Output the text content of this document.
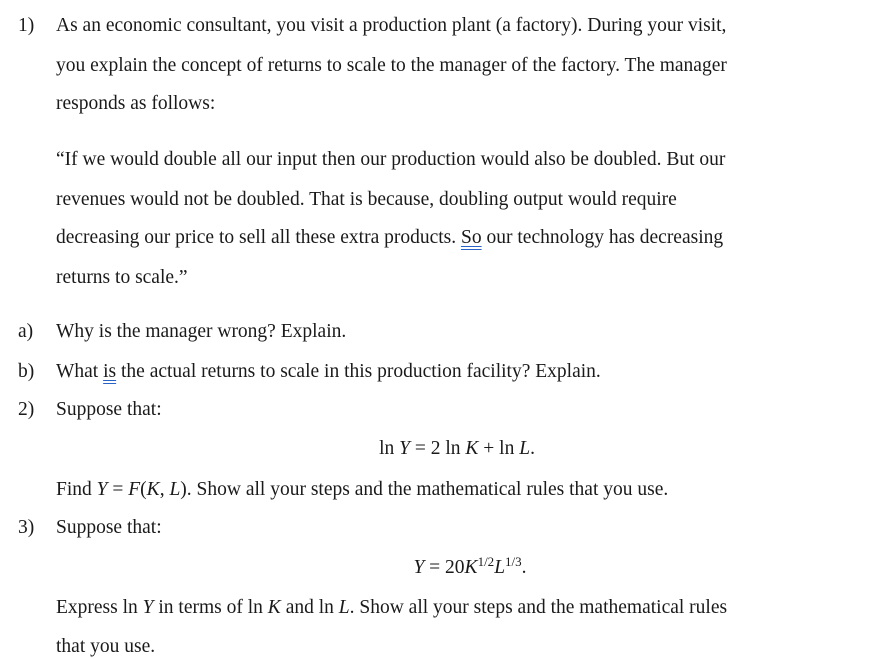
1) As an economic consultant, you visit a production plant (a factory). During your visit,
you explain the concept of returns to scale to the manager of the factory. The manager
responds as follows:
“If we would double all our input then our production would also be doubled. But our
revenues would not be doubled. That is because, doubling output would require
decreasing our price to sell all these extra products. So our technology has decreasing
returns to scale.”
a) Why is the manager wrong? Explain.
b) What is the actual returns to scale in this production facility? Explain.
2) Suppose that:
ln Y = 2 ln K + ln L.
Find Y = F(K, L). Show all your steps and the mathematical rules that you use.
3) Suppose that:
$Y = 20K^{1/2}L^{1/3}$.
Express ln Y in terms of ln K and ln L. Show all your steps and the mathematical rules
that you use.
